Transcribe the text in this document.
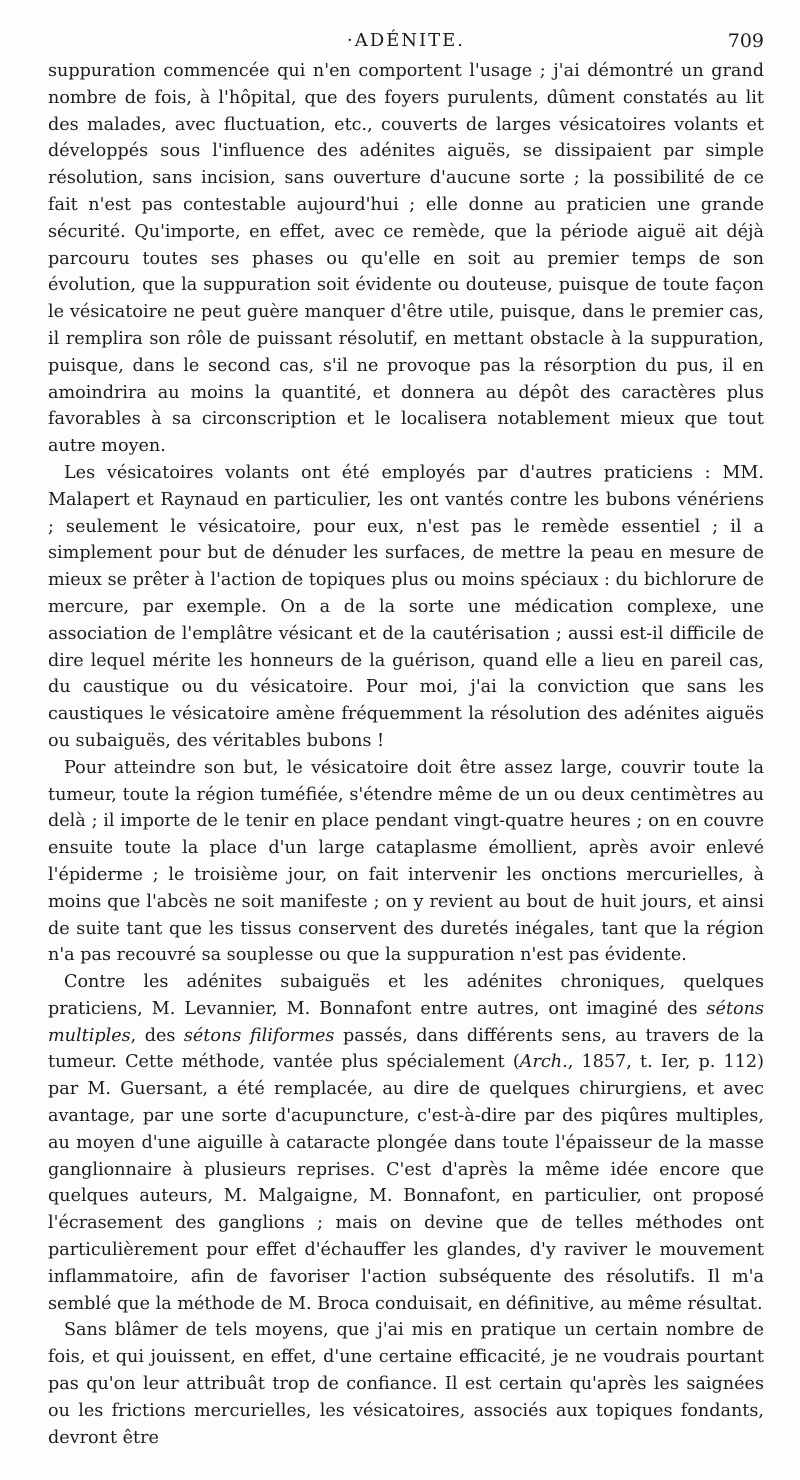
·ADÉNITE.	709

suppuration commencée qui n'en comportent l'usage ; j'ai démontré un grand nombre de fois, à l'hôpital, que des foyers purulents, dûment constatés au lit des malades, avec fluctuation, etc., couverts de larges vésicatoires volants et développés sous l'influence des adénites aiguës, se dissipaient par simple résolution, sans incision, sans ouverture d'aucune sorte ; la possibilité de ce fait n'est pas contestable aujourd'hui ; elle donne au praticien une grande sécurité. Qu'importe, en effet, avec ce remède, que la période aiguë ait déjà parcouru toutes ses phases ou qu'elle en soit au premier temps de son évolution, que la suppuration soit évidente ou douteuse, puisque de toute façon le vésicatoire ne peut guère manquer d'être utile, puisque, dans le premier cas, il remplira son rôle de puissant résolutif, en mettant obstacle à la suppuration, puisque, dans le second cas, s'il ne provoque pas la résorption du pus, il en amoindrira au moins la quantité, et donnera au dépôt des caractères plus favorables à sa circonscription et le localisera notablement mieux que tout autre moyen.

Les vésicatoires volants ont été employés par d'autres praticiens : MM. Malapert et Raynaud en particulier, les ont vantés contre les bubons vénériens ; seulement le vésicatoire, pour eux, n'est pas le remède essentiel ; il a simplement pour but de dénuder les surfaces, de mettre la peau en mesure de mieux se prêter à l'action de topiques plus ou moins spéciaux : du bichlorure de mercure, par exemple. On a de la sorte une médication complexe, une association de l'emplâtre vésicant et de la cautérisation ; aussi est-il difficile de dire lequel mérite les honneurs de la guérison, quand elle a lieu en pareil cas, du caustique ou du vésicatoire. Pour moi, j'ai la conviction que sans les caustiques le vésicatoire amène fréquemment la résolution des adénites aiguës ou subaiguës, des véritables bubons !

Pour atteindre son but, le vésicatoire doit être assez large, couvrir toute la tumeur, toute la région tuméfiée, s'étendre même de un ou deux centimètres au delà ; il importe de le tenir en place pendant vingt-quatre heures ; on en couvre ensuite toute la place d'un large cataplasme émollient, après avoir enlevé l'épiderme ; le troisième jour, on fait intervenir les onctions mercurielles, à moins que l'abcès ne soit manifeste ; on y revient au bout de huit jours, et ainsi de suite tant que les tissus conservent des duretés inégales, tant que la région n'a pas recouvré sa souplesse ou que la suppuration n'est pas évidente.

Contre les adénites subaiguës et les adénites chroniques, quelques praticiens, M. Levannier, M. Bonnafont entre autres, ont imaginé des sétons multiples, des sétons filiformes passés, dans différents sens, au travers de la tumeur. Cette méthode, vantée plus spécialement (Arch., 1857, t. Ier, p. 112) par M. Guersant, a été remplacée, au dire de quelques chirurgiens, et avec avantage, par une sorte d'acupuncture, c'est-à-dire par des piqûres multiples, au moyen d'une aiguille à cataracte plongée dans toute l'épaisseur de la masse ganglionnaire à plusieurs reprises. C'est d'après la même idée encore que quelques auteurs, M. Malgaigne, M. Bonnafont, en particulier, ont proposé l'écrasement des ganglions ; mais on devine que de telles méthodes ont particulièrement pour effet d'échauffer les glandes, d'y raviver le mouvement inflammatoire, afin de favoriser l'action subséquente des résolutifs. Il m'a semblé que la méthode de M. Broca conduisait, en définitive, au même résultat.

Sans blâmer de tels moyens, que j'ai mis en pratique un certain nombre de fois, et qui jouissent, en effet, d'une certaine efficacité, je ne voudrais pourtant pas qu'on leur attribuât trop de confiance. Il est certain qu'après les saignées ou les frictions mercurielles, les vésicatoires, associés aux topiques fondants, devront être
